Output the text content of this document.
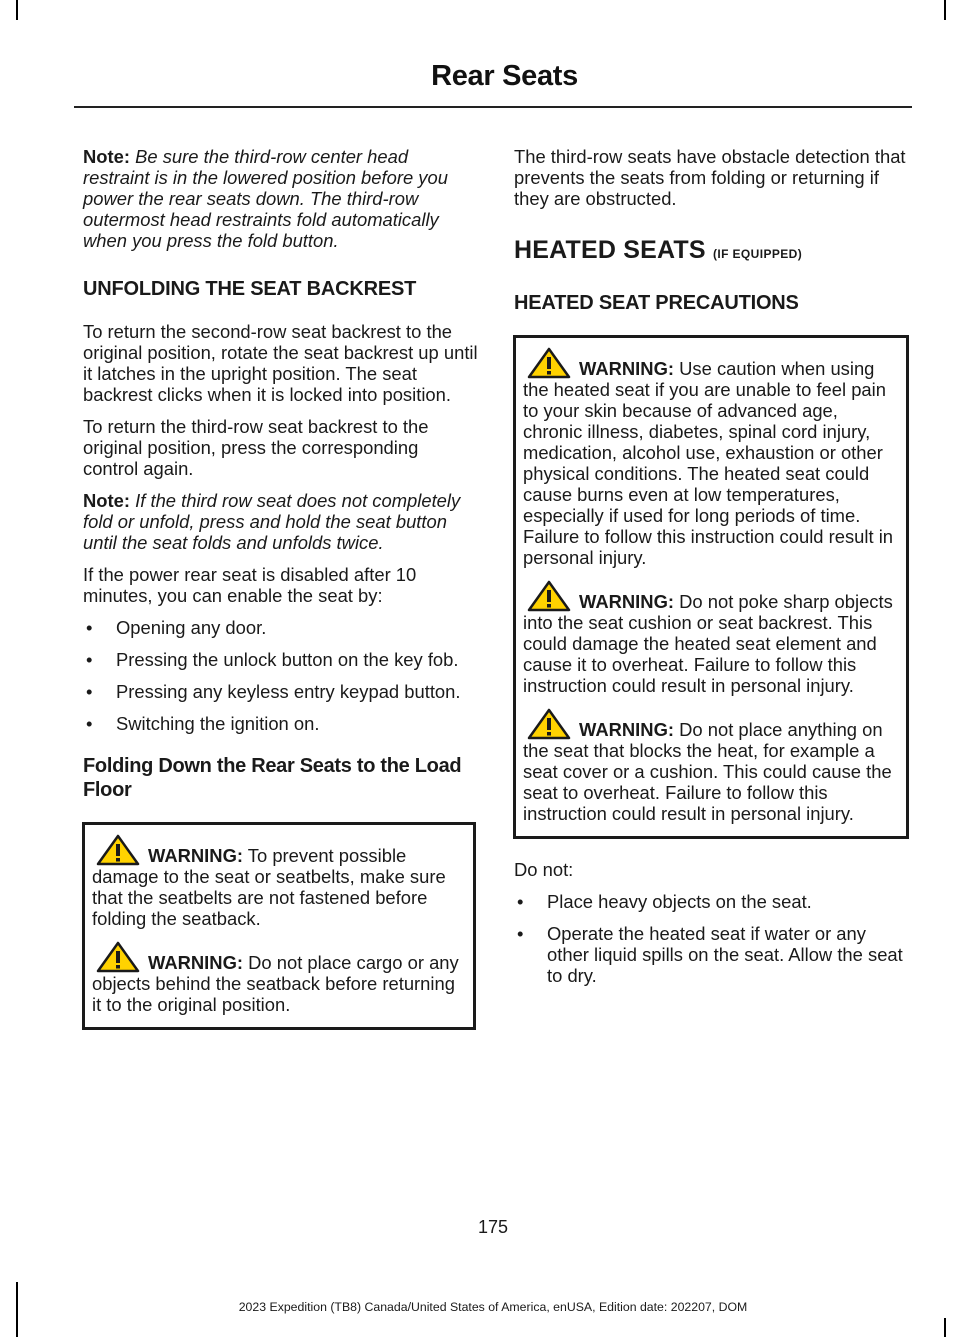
Rear Seats

Note: Be sure the third-row center head restraint is in the lowered position before you power the rear seats down. The third-row outermost head restraints fold automatically when you press the fold button.

UNFOLDING THE SEAT BACKREST

To return the second-row seat backrest to the original position, rotate the seat backrest up until it latches in the upright position. The seat backrest clicks when it is locked into position.

To return the third-row seat backrest to the original position, press the corresponding control again.

Note: If the third row seat does not completely fold or unfold, press and hold the seat button until the seat folds and unfolds twice.

If the power rear seat is disabled after 10 minutes, you can enable the seat by:

• Opening any door.
• Pressing the unlock button on the key fob.
• Pressing any keyless entry keypad button.
• Switching the ignition on.
Folding Down the Rear Seats to the Load Floor

WARNING: To prevent possible damage to the seat or seatbelts, make sure that the seatbelts are not fastened before folding the seatback.

WARNING: Do not place cargo or any objects behind the seatback before returning it to the original position.

The third-row seats have obstacle detection that prevents the seats from folding or returning if they are obstructed.

HEATED SEATS (IF EQUIPPED)
HEATED SEAT PRECAUTIONS

WARNING: Use caution when using the heated seat if you are unable to feel pain to your skin because of advanced age, chronic illness, diabetes, spinal cord injury, medication, alcohol use, exhaustion or other physical conditions. The heated seat could cause burns even at low temperatures, especially if used for long periods of time. Failure to follow this instruction could result in personal injury.

WARNING: Do not poke sharp objects into the seat cushion or seat backrest. This could damage the heated seat element and cause it to overheat. Failure to follow this instruction could result in personal injury.

WARNING: Do not place anything on the seat that blocks the heat, for example a seat cover or a cushion. This could cause the seat to overheat. Failure to follow this instruction could result in personal injury.

Do not:

• Place heavy objects on the seat.
• Operate the heated seat if water or any other liquid spills on the seat. Allow the seat to dry.
175
2023 Expedition (TB8) Canada/United States of America, enUSA, Edition date: 202207, DOM
